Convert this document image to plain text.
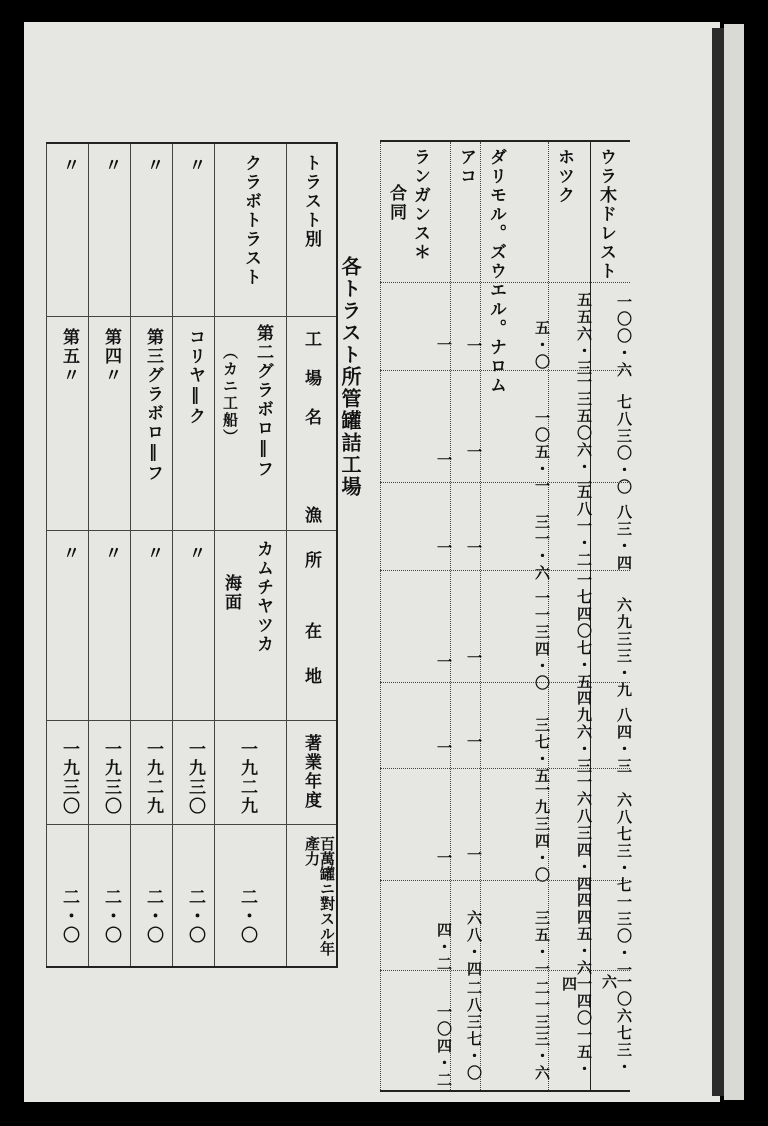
ウラ木ドレスト
一〇〇・六
七八三〇・〇
八三・四
六九三三・九
八四・三
六八七三・七
一三〇・一
一〇六七三・六
ホツク
五五六・三
一三五〇六・一
五八一・二
一七四〇七・五
四九六・三
一六八三四・四
四四五・六
一四〇一五・四
ダリモル。ズウエル。ナロム	五・〇
一〇五・一
三一・六
一一三四・〇
三七・五
一九三四・〇
三五・一
二一三三・六
アコ
一
一
一
一
一
一
六八・四
二八三七・〇
ランガンス＊
合同
一
一
一
一
一
一
四・二
一〇四・二
各トラスト所管罐詰工場
トラスト別
工場名
漁所
在地
著業年度
百萬罐ニ對スル年產力
クラボトラスト
第二グラボロ‖フ
（カニ工船）
カムチヤツカ
海面
一九二九
二・〇
〃
コリヤ‖ク
〃
一九三〇
二・〇
〃
第三グラボロ‖フ
〃
一九二九
二・〇
〃
第四〃
〃
一九三〇
二・〇
〃
第五〃
〃
一九三〇
二・〇
